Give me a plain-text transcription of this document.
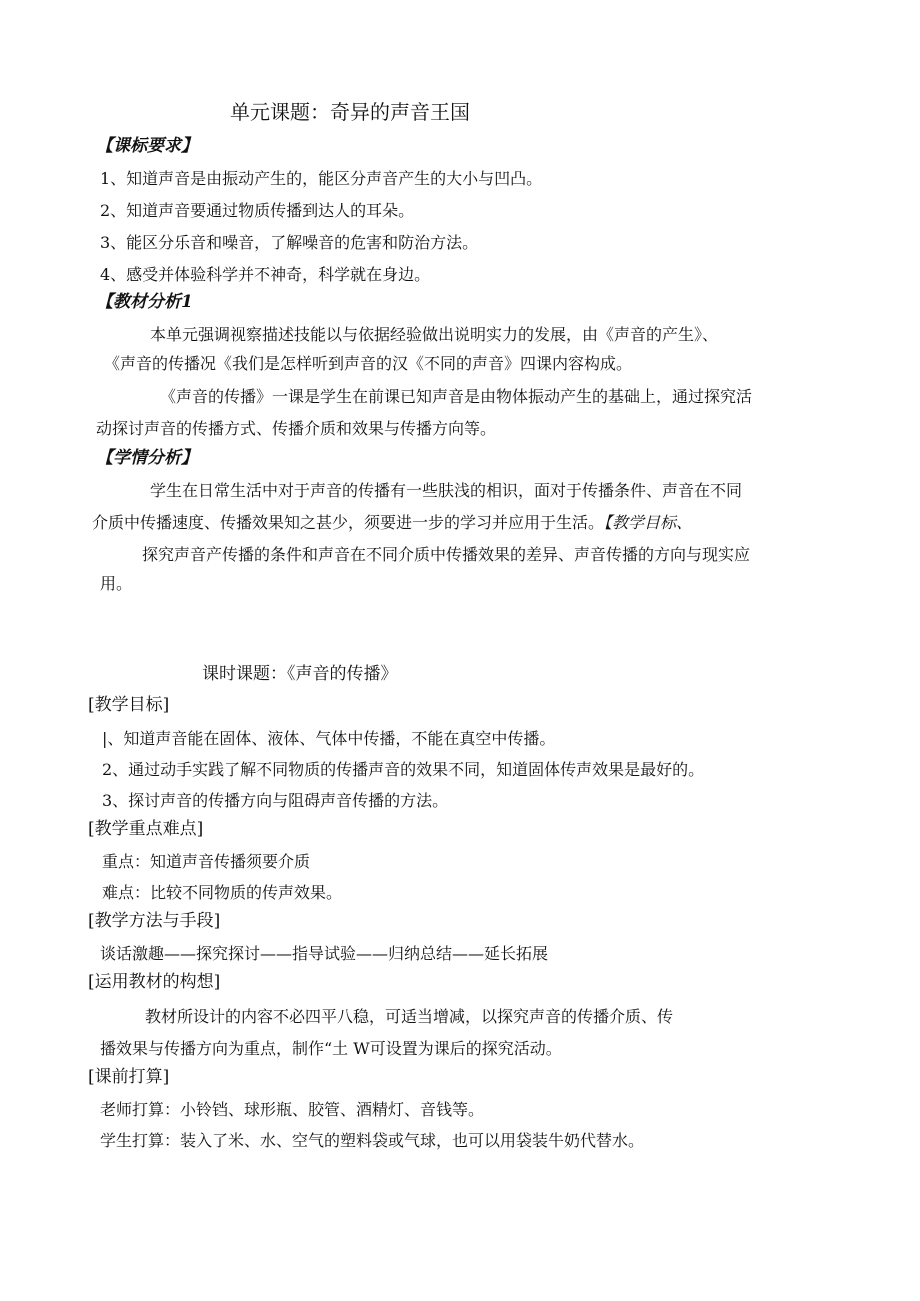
单元课题：奇异的声音王国
【课标要求】
1、知道声音是由振动产生的，能区分声音产生的大小与凹凸。
2、知道声音要通过物质传播到达人的耳朵。
3、能区分乐音和噪音，了解噪音的危害和防治方法。
4、感受并体验科学并不神奇，科学就在身边。
【教材分析1
本单元强调视察描述技能以与依据经验做出说明实力的发展，由《声音的产生》、
《声音的传播况《我们是怎样听到声音的汉《不同的声音》四课内容构成。
《声音的传播》一课是学生在前课已知声音是由物体振动产生的基础上，通过探究活
动探讨声音的传播方式、传播介质和效果与传播方向等。
【学情分析】
学生在日常生活中对于声音的传播有一些肤浅的相识，面对于传播条件、声音在不同
介质中传播速度、传播效果知之甚少，须要进一步的学习并应用于生活。【教学目标、
探究声音产传播的条件和声音在不同介质中传播效果的差异、声音传播的方向与现实应
用。
课时课题：《声音的传播》
[教学目标]
|、知道声音能在固体、液体、气体中传播，不能在真空中传播。
2、通过动手实践了解不同物质的传播声音的效果不同，知道固体传声效果是最好的。
3、探讨声音的传播方向与阻碍声音传播的方法。
[教学重点难点]
重点：知道声音传播须要介质
难点：比较不同物质的传声效果。
[教学方法与手段]
谈话激趣——探究探讨——指导试验——归纳总结——延长拓展
[运用教材的构想]
教材所设计的内容不必四平八稳，可适当增减，以探究声音的传播介质、传
播效果与传播方向为重点，制作“土 W可设置为课后的探究活动。
[课前打算]
老师打算：小铃铛、球形瓶、胶管、酒精灯、音钱等。
学生打算：装入了米、水、空气的塑料袋或气球，也可以用袋装牛奶代替水。
